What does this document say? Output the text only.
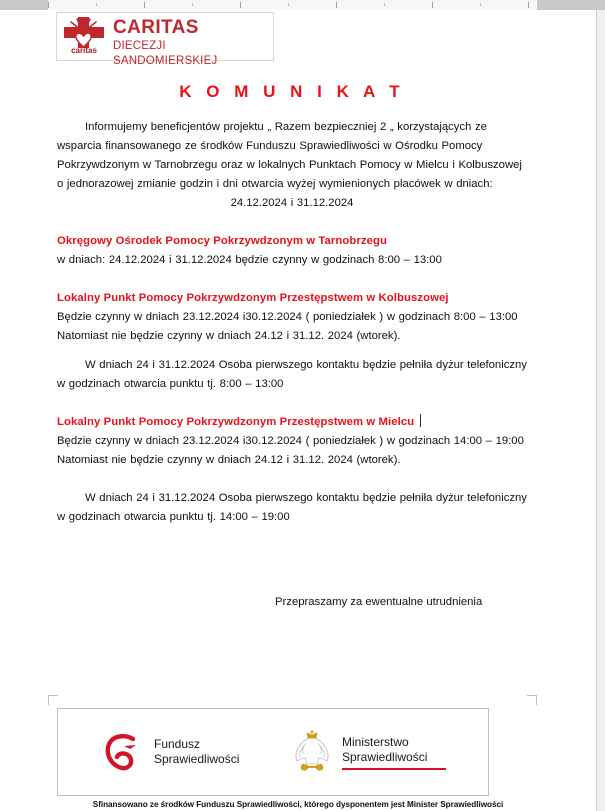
caritas
CARITAS
DIECEZJI SANDOMIERSKIEJ
K O M U N I K A T

Informujemy beneficjentów projektu „ Razem bezpieczniej 2 „ korzystających ze wsparcia finansowanego ze środków Funduszu Sprawiedliwości w Ośrodku Pomocy Pokrzywdzonym w Tarnobrzegu oraz w lokalnych Punktach Pomocy w Mielcu i Kolbuszowej o jednorazowej zmianie godzin i dni otwarcia wyżej wymienionych placówek w dniach:

24.12.2024 i 31.12.2024

Okręgowy Ośrodek Pomocy Pokrzywdzonym w Tarnobrzegu

w dniach: 24.12.2024 i 31.12.2024 będzie czynny w godzinach 8:00 – 13:00

Lokalny Punkt Pomocy Pokrzywdzonym Przestępstwem w Kolbuszowej

Będzie czynny w dniach 23.12.2024 i30.12.2024 ( poniedziałek ) w godzinach 8:00 – 13:00

Natomiast nie będzie czynny w dniach 24.12 i 31.12. 2024 (wtorek).

W dniach 24 i 31.12.2024 Osoba pierwszego kontaktu będzie pełniła dyżur telefoniczny

w godzinach otwarcia punktu tj. 8:00 – 13:00

Lokalny Punkt Pomocy Pokrzywdzonym Przestępstwem w Mielcu

Będzie czynny w dniach 23.12.2024 i30.12.2024 ( poniedziałek ) w godzinach 14:00 – 19:00

Natomiast nie będzie czynny w dniach 24.12 i 31.12. 2024 (wtorek).

W dniach 24 i 31.12.2024 Osoba pierwszego kontaktu będzie pełniła dyżur telefoniczny

w godzinach otwarcia punktu tj. 14:00 – 19:00

Przepraszamy za ewentualne utrudnienia

Fundusz
Sprawiedliwości
Ministerstwo
Sprawiedliwości
Sfinansowano ze środków Funduszu Sprawiedliwości, którego dysponentem jest Minister Sprawiedliwości
